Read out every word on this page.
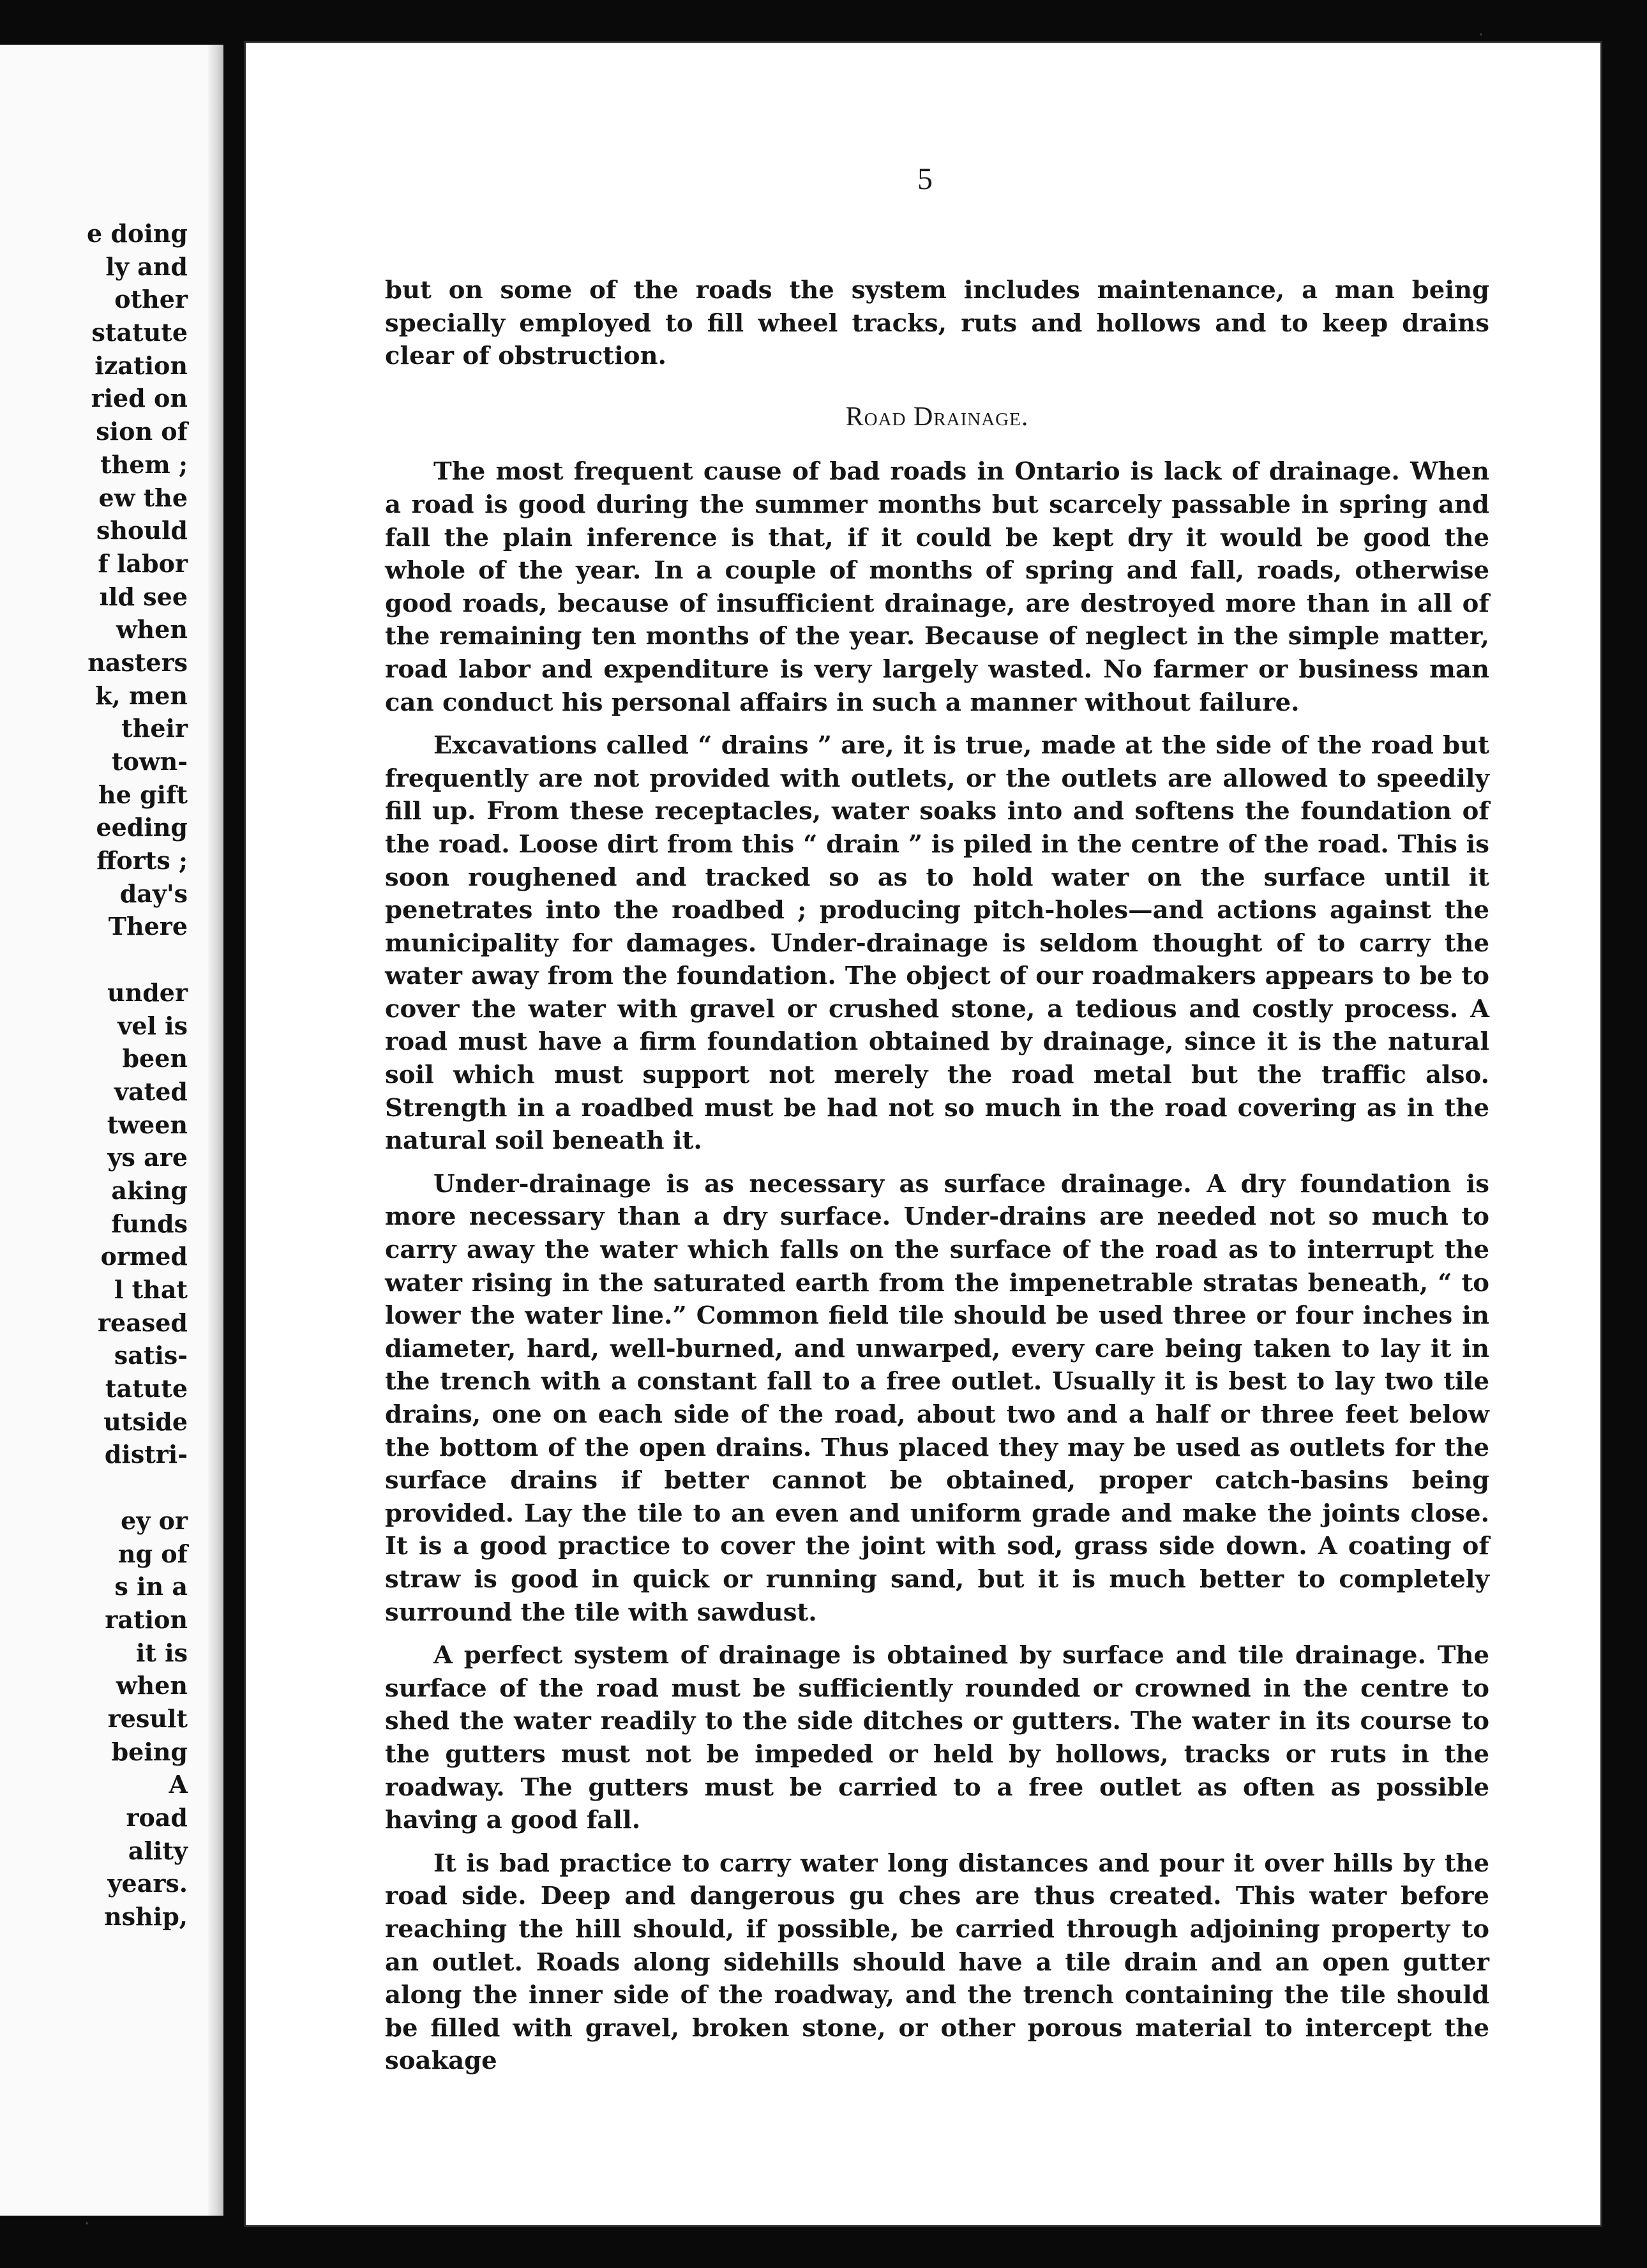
e doing
ly and
other
statute
ization
ried on
sion of
them ;
ew the
should
f labor
ıld see
when
nasters
k, men
their
town-
he gift
eeding
fforts ;
day's
There
under
vel is
been
vated
tween
ys are
aking
funds
ormed
l that
reased
satis-
tatute
utside
distri-
ey or
ng of
s in a
ration
it is
when
result
being
A
road
ality
years.
nship,
5

but on some of the roads the system includes maintenance, a man being specially employed to fill wheel tracks, ruts and hollows and to keep drains clear of obstruction.

Road Drainage.

The most frequent cause of bad roads in Ontario is lack of drainage. When a road is good during the summer months but scarcely passable in spring and fall the plain inference is that, if it could be kept dry it would be good the whole of the year. In a couple of months of spring and fall, roads, otherwise good roads, because of insufficient drainage, are destroyed more than in all of the remaining ten months of the year. Because of neglect in the simple matter, road labor and expenditure is very largely wasted. No farmer or business man can conduct his personal affairs in such a manner without failure.

Excavations called “ drains ” are, it is true, made at the side of the road but frequently are not provided with outlets, or the outlets are allowed to speedily fill up. From these receptacles, water soaks into and softens the foundation of the road. Loose dirt from this “ drain ” is piled in the centre of the road. This is soon roughened and tracked so as to hold water on the surface until it penetrates into the roadbed ; producing pitch-holes—and actions against the municipality for damages. Under-drainage is seldom thought of to carry the water away from the foundation. The object of our roadmakers appears to be to cover the water with gravel or crushed stone, a tedious and costly process. A road must have a firm foundation obtained by drainage, since it is the natural soil which must support not merely the road metal but the traffic also. Strength in a roadbed must be had not so much in the road covering as in the natural soil beneath it.

Under-drainage is as necessary as surface drainage. A dry foundation is more necessary than a dry surface. Under-drains are needed not so much to carry away the water which falls on the surface of the road as to interrupt the water rising in the saturated earth from the impenetrable stratas beneath, “ to lower the water line.” Common field tile should be used three or four inches in diameter, hard, well-burned, and unwarped, every care being taken to lay it in the trench with a constant fall to a free outlet. Usually it is best to lay two tile drains, one on each side of the road, about two and a half or three feet below the bottom of the open drains. Thus placed they may be used as outlets for the surface drains if better cannot be obtained, proper catch-basins being provided. Lay the tile to an even and uniform grade and make the joints close. It is a good practice to cover the joint with sod, grass side down. A coating of straw is good in quick or running sand, but it is much better to completely surround the tile with sawdust.

A perfect system of drainage is obtained by surface and tile drainage. The surface of the road must be sufficiently rounded or crowned in the centre to shed the water readily to the side ditches or gutters. The water in its course to the gutters must not be impeded or held by hollows, tracks or ruts in the roadway. The gutters must be carried to a free outlet as often as possible having a good fall.

It is bad practice to carry water long distances and pour it over hills by the road side. Deep and dangerous gu ches are thus created. This water before reaching the hill should, if possible, be carried through adjoining property to an outlet. Roads along sidehills should have a tile drain and an open gutter along the inner side of the roadway, and the trench containing the tile should be filled with gravel, broken stone, or other porous material to intercept the soakage

·
·
